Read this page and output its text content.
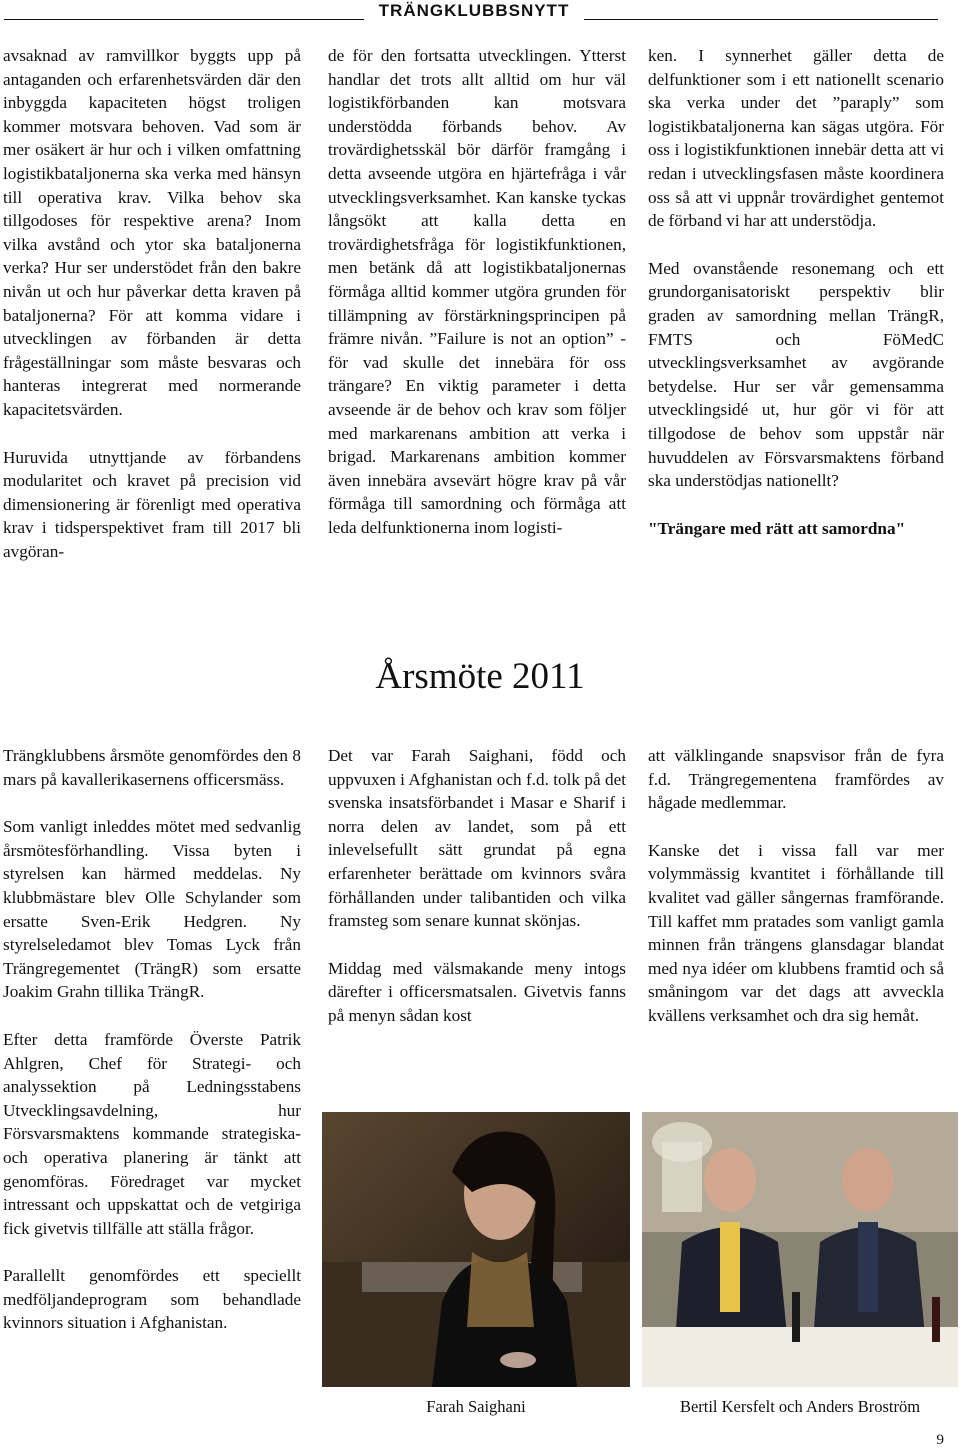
TRÄNGKLUBBSNYTT

avsaknad av ramvillkor byggts upp på antaganden och erfarenhetsvärden där den inbyggda kapaciteten högst troligen kommer motsvara behoven. Vad som är mer osäkert är hur och i vilken omfattning logistikbataljonerna ska verka med hänsyn till operativa krav. Vilka behov ska tillgodoses för respektive arena? Inom vilka avstånd och ytor ska bataljonerna verka? Hur ser understödet från den bakre nivån ut och hur påverkar detta kraven på bataljonerna? För att komma vidare i utvecklingen av förbanden är detta frågeställningar som måste besvaras och hanteras integrerat med normerande kapacitetsvärden.

Huruvida utnyttjande av förbandens modularitet och kravet på precision vid dimensionering är förenligt med operativa krav i tidsperspektivet fram till 2017 bli avgöran-

de för den fortsatta utvecklingen. Ytterst handlar det trots allt alltid om hur väl logistikförbanden kan motsvara understödda förbands behov. Av trovärdighetsskäl bör därför framgång i detta avseende utgöra en hjärtefråga i vår utvecklingsverksamhet. Kan kanske tyckas långsökt att kalla detta en trovärdighetsfråga för logistikfunktionen, men betänk då att logistikbataljonernas förmåga alltid kommer utgöra grunden för tillämpning av förstärkningsprincipen på främre nivån. ”Failure is not an option” - för vad skulle det innebära för oss trängare? En viktig parameter i detta avseende är de behov och krav som följer med markarenans ambition att verka i brigad. Markarenans ambition kommer även innebära avsevärt högre krav på vår förmåga till samordning och förmåga att leda delfunktionerna inom logisti-

ken. I synnerhet gäller detta de delfunktioner som i ett nationellt scenario ska verka under det ”paraply” som logistikbataljonerna kan sägas utgöra. För oss i logistikfunktionen innebär detta att vi redan i utvecklingsfasen måste koordinera oss så att vi uppnår trovärdighet gentemot de förband vi har att understödja.

Med ovanstående resonemang och ett grundorganisatoriskt perspektiv blir graden av samordning mellan TrängR, FMTS och FöMedC utvecklingsverksamhet av avgörande betydelse. Hur ser vår gemensamma utvecklingsidé ut, hur gör vi för att tillgodose de behov som uppstår när huvuddelen av Försvarsmaktens förband ska understödjas nationellt?

"Trängare med rätt att samordna"

Årsmöte 2011

Trängklubbens årsmöte genomfördes den 8 mars på kavallerikasernens officersmäss.

Som vanligt inleddes mötet med sedvanlig årsmötesförhandling. Vissa byten i styrelsen kan härmed meddelas. Ny klubbmästare blev Olle Schylander som ersatte Sven-Erik Hedgren. Ny styrelseledamot blev Tomas Lyck från Trängregementet (TrängR) som ersatte Joakim Grahn tillika TrängR.

Efter detta framförde Överste Patrik Ahlgren, Chef för Strategi- och analyssektion på Ledningsstabens Utvecklingsavdelning, hur Försvarsmaktens kommande strategiska- och operativa planering är tänkt att genomföras. Föredraget var mycket intressant och uppskattat och de vetgiriga fick givetvis tillfälle att ställa frågor.

Parallellt genomfördes ett speciellt medföljandeprogram som behandlade kvinnors situation i Afghanistan.

Det var Farah Saighani, född och uppvuxen i Afghanistan och f.d. tolk på det svenska insatsförbandet i Masar e Sharif i norra delen av landet, som på ett inlevelsefullt sätt grundat på egna erfarenheter berättade om kvinnors svåra förhållanden under talibantiden och vilka framsteg som senare kunnat skönjas.

Middag med välsmakande meny intogs därefter i officersmatsalen. Givetvis fanns på menyn sådan kost

att välklingande snapsvisor från de fyra f.d. Trängregementena framfördes av hågade medlemmar.

Kanske det i vissa fall var mer volymmässig kvantitet i förhållande till kvalitet vad gäller sångernas framförande. Till kaffet mm pratades som vanligt gamla minnen från trängens glansdagar blandat med nya idéer om klubbens framtid och så småningom var det dags att avveckla kvällens verksamhet och dra sig hemåt.

Farah Saighani	Bertil Kersfelt och Anders Broström
9
